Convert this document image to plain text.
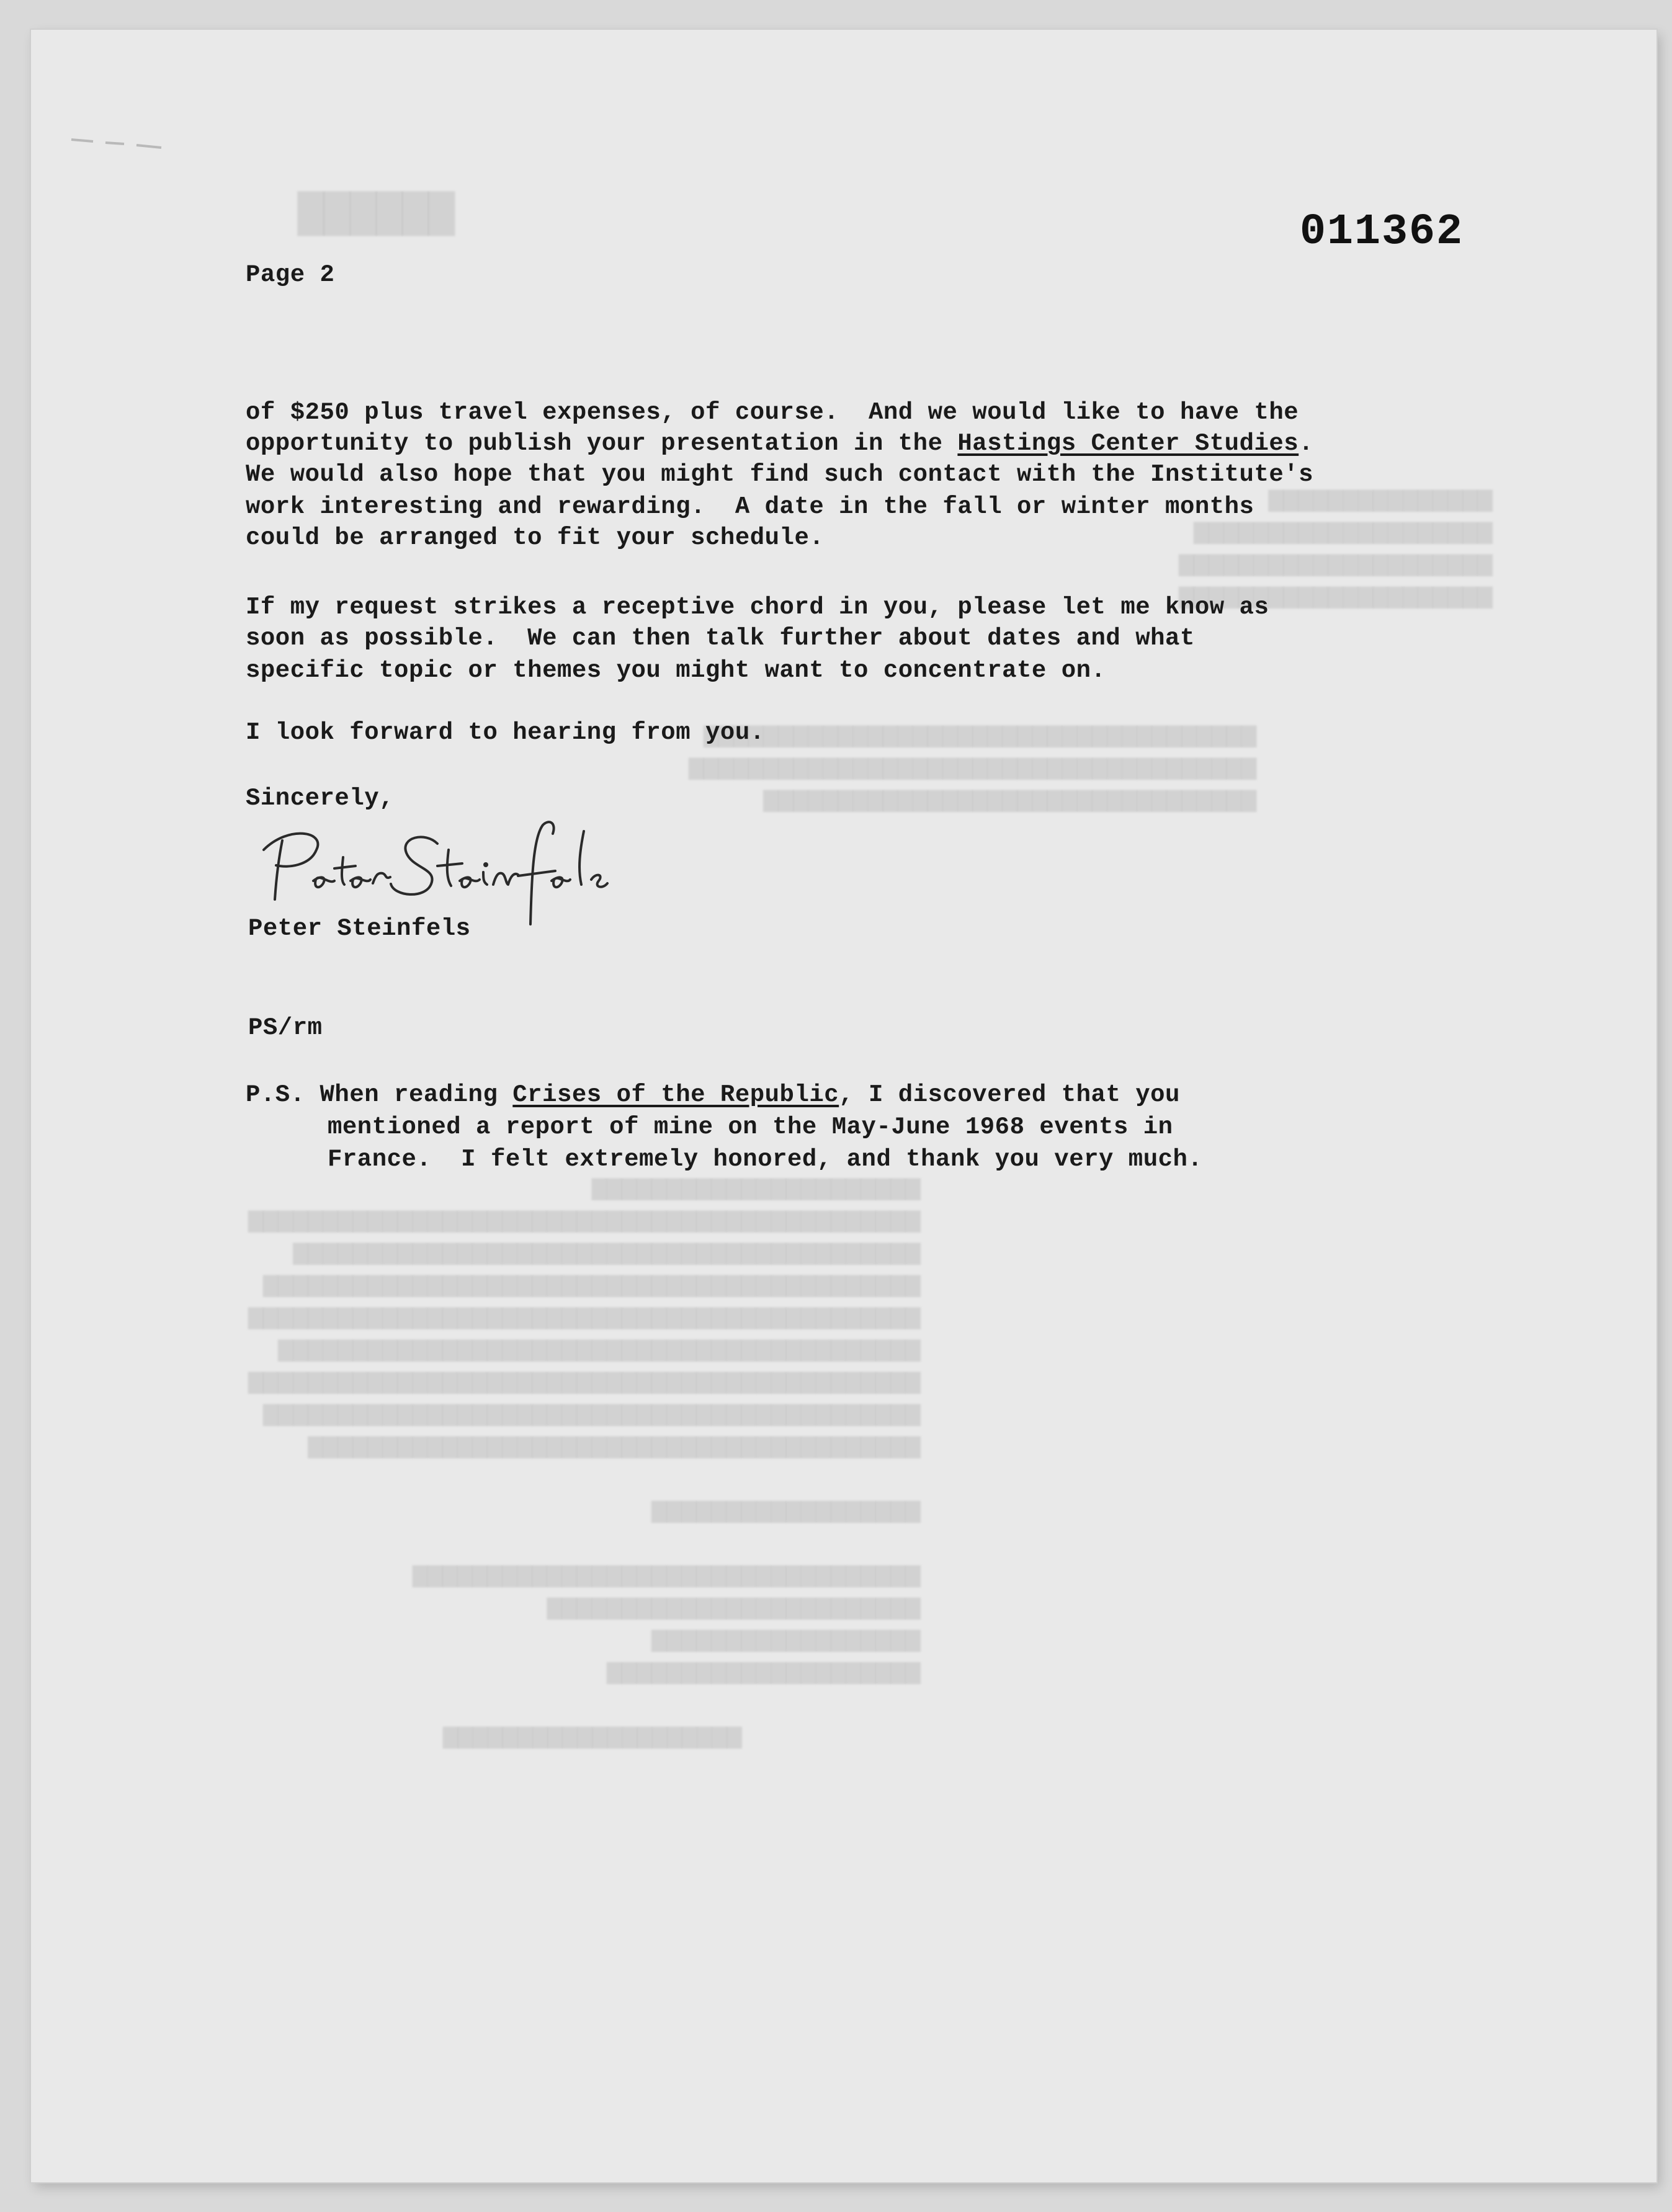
▇▇▇▇▇▇
▆▆▆▆▆▆▆▆▆▆▆▆▆▆▆
▆▆▆▆▆▆▆▆▆▆▆▆▆▆▆▆▆▆▆▆
▆▆▆▆▆▆▆▆▆▆▆▆▆▆▆▆▆▆▆▆▆
▆▆▆▆▆▆▆▆▆▆▆▆▆▆▆▆▆▆▆▆▆
▆▆▆▆▆▆▆▆▆▆▆▆▆▆▆▆▆▆▆▆▆▆▆▆▆▆▆▆▆▆▆▆▆▆▆▆▆
▆▆▆▆▆▆▆▆▆▆▆▆▆▆▆▆▆▆▆▆▆▆▆▆▆▆▆▆▆▆▆▆▆▆▆▆▆▆
▆▆▆▆▆▆▆▆▆▆▆▆▆▆▆▆▆▆▆▆▆▆▆▆▆▆▆▆▆▆▆▆▆
▆▆▆▆▆▆▆▆▆▆▆▆▆▆▆▆▆▆▆▆▆▆
▆▆▆▆▆▆▆▆▆▆▆▆▆▆▆▆▆▆▆▆▆▆▆▆▆▆▆▆▆▆▆▆▆▆▆▆▆▆▆▆▆▆▆▆▆
▆▆▆▆▆▆▆▆▆▆▆▆▆▆▆▆▆▆▆▆▆▆▆▆▆▆▆▆▆▆▆▆▆▆▆▆▆▆▆▆▆▆
▆▆▆▆▆▆▆▆▆▆▆▆▆▆▆▆▆▆▆▆▆▆▆▆▆▆▆▆▆▆▆▆▆▆▆▆▆▆▆▆▆▆▆▆
▆▆▆▆▆▆▆▆▆▆▆▆▆▆▆▆▆▆▆▆▆▆▆▆▆▆▆▆▆▆▆▆▆▆▆▆▆▆▆▆▆▆▆▆▆
▆▆▆▆▆▆▆▆▆▆▆▆▆▆▆▆▆▆▆▆▆▆▆▆▆▆▆▆▆▆▆▆▆▆▆▆▆▆▆▆▆▆▆
▆▆▆▆▆▆▆▆▆▆▆▆▆▆▆▆▆▆▆▆▆▆▆▆▆▆▆▆▆▆▆▆▆▆▆▆▆▆▆▆▆▆▆▆▆
▆▆▆▆▆▆▆▆▆▆▆▆▆▆▆▆▆▆▆▆▆▆▆▆▆▆▆▆▆▆▆▆▆▆▆▆▆▆▆▆▆▆▆▆
▆▆▆▆▆▆▆▆▆▆▆▆▆▆▆▆▆▆▆▆▆▆▆▆▆▆▆▆▆▆▆▆▆▆▆▆▆▆▆▆▆

▆▆▆▆▆▆▆▆▆▆▆▆▆▆▆▆▆▆

▆▆▆▆▆▆▆▆▆▆▆▆▆▆▆▆▆▆▆▆▆▆▆▆▆▆▆▆▆▆▆▆▆▆
▆▆▆▆▆▆▆▆▆▆▆▆▆▆▆▆▆▆▆▆▆▆▆▆▆
▆▆▆▆▆▆▆▆▆▆▆▆▆▆▆▆▆▆
▆▆▆▆▆▆▆▆▆▆▆▆▆▆▆▆▆▆▆▆▆

▆▆▆▆▆▆▆▆▆▆▆▆▆▆▆▆▆▆▆▆
011362
Page 2
of $250 plus travel expenses, of course.  And we would like to have the
opportunity to publish your presentation in the Hastings Center Studies.
We would also hope that you might find such contact with the Institute's
work interesting and rewarding.  A date in the fall or winter months
could be arranged to fit your schedule.
If my request strikes a receptive chord in you, please let me know as
soon as possible.  We can then talk further about dates and what
specific topic or themes you might want to concentrate on.
I look forward to hearing from you.
Sincerely,
Peter Steinfels
PS/rm
P.S. When reading Crises of the Republic, I discovered that you
mentioned a report of mine on the May-June 1968 events in
France.  I felt extremely honored, and thank you very much.
